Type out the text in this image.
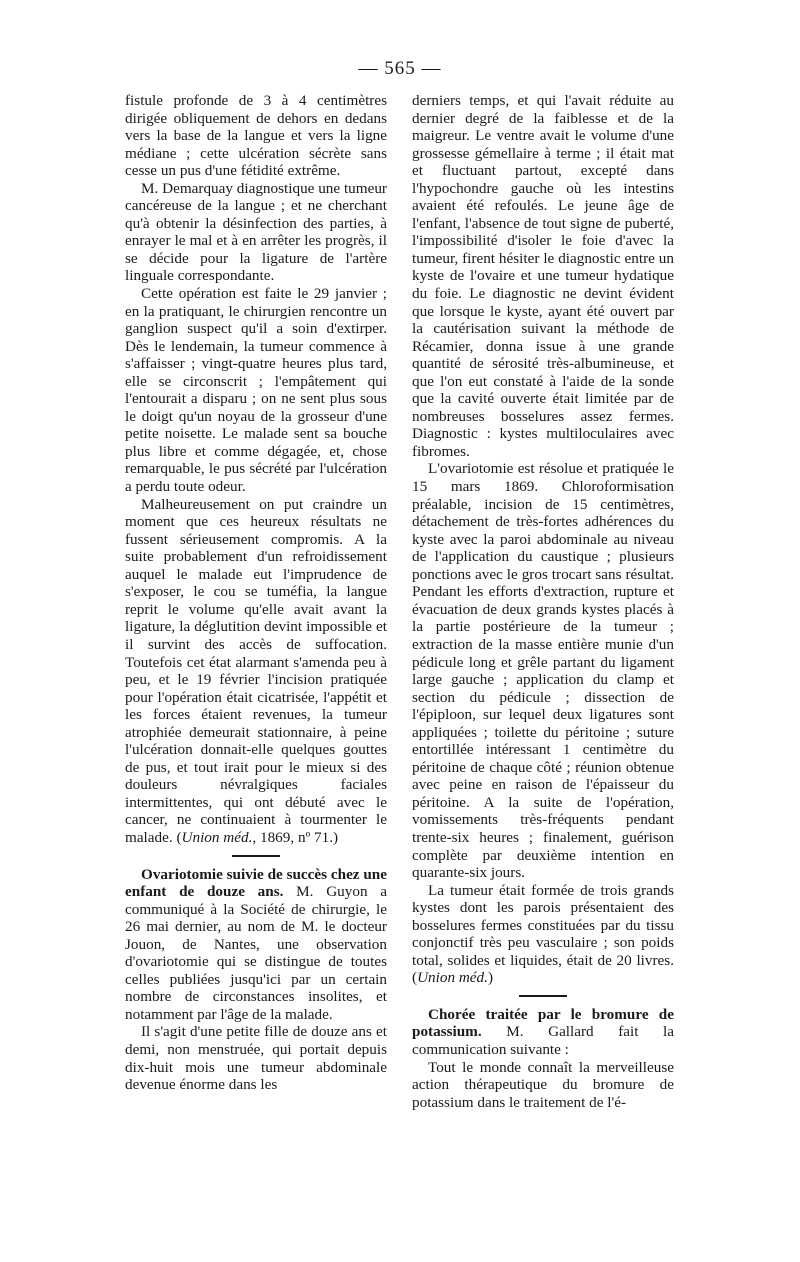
— 565 —

fistule profonde de 3 à 4 centimètres dirigée obliquement de dehors en dedans vers la base de la langue et vers la ligne médiane ; cette ulcération sécrète sans cesse un pus d'une fétidité extrême.

M. Demarquay diagnostique une tumeur cancéreuse de la langue ; et ne cherchant qu'à obtenir la désinfection des parties, à enrayer le mal et à en arrêter les progrès, il se décide pour la ligature de l'artère linguale correspondante.

Cette opération est faite le 29 janvier ; en la pratiquant, le chirurgien rencontre un ganglion suspect qu'il a soin d'extirper. Dès le lendemain, la tumeur commence à s'affaisser ; vingt-quatre heures plus tard, elle se circonscrit ; l'empâtement qui l'entourait a disparu ; on ne sent plus sous le doigt qu'un noyau de la grosseur d'une petite noisette. Le malade sent sa bouche plus libre et comme dégagée, et, chose remarquable, le pus sécrété par l'ulcération a perdu toute odeur.

Malheureusement on put craindre un moment que ces heureux résultats ne fussent sérieusement compromis. A la suite probablement d'un refroidissement auquel le malade eut l'imprudence de s'exposer, le cou se tuméfia, la langue reprit le volume qu'elle avait avant la ligature, la déglutition devint impossible et il survint des accès de suffocation. Toutefois cet état alarmant s'amenda peu à peu, et le 19 février l'incision pratiquée pour l'opération était cicatrisée, l'appétit et les forces étaient revenues, la tumeur atrophiée demeurait stationnaire, à peine l'ulcération donnait-elle quelques gouttes de pus, et tout irait pour le mieux si des douleurs névralgiques faciales intermittentes, qui ont débuté avec le cancer, ne continuaient à tourmenter le malade. (Union méd., 1869, nº 71.)

Ovariotomie suivie de succès chez une enfant de douze ans. M. Guyon a communiqué à la Société de chirurgie, le 26 mai dernier, au nom de M. le docteur Jouon, de Nantes, une observation d'ovariotomie qui se distingue de toutes celles publiées jusqu'ici par un certain nombre de circonstances insolites, et notamment par l'âge de la malade.

Il s'agit d'une petite fille de douze ans et demi, non menstruée, qui portait depuis dix-huit mois une tumeur abdominale devenue énorme dans les

derniers temps, et qui l'avait réduite au dernier degré de la faiblesse et de la maigreur. Le ventre avait le volume d'une grossesse gémellaire à terme ; il était mat et fluctuant partout, excepté dans l'hypochondre gauche où les intestins avaient été refoulés. Le jeune âge de l'enfant, l'absence de tout signe de puberté, l'impossibilité d'isoler le foie d'avec la tumeur, firent hésiter le diagnostic entre un kyste de l'ovaire et une tumeur hydatique du foie. Le diagnostic ne devint évident que lorsque le kyste, ayant été ouvert par la cautérisation suivant la méthode de Récamier, donna issue à une grande quantité de sérosité très-albumineuse, et que l'on eut constaté à l'aide de la sonde que la cavité ouverte était limitée par de nombreuses bosselures assez fermes. Diagnostic : kystes multiloculaires avec fibromes.

L'ovariotomie est résolue et pratiquée le 15 mars 1869. Chloroformisation préalable, incision de 15 centimètres, détachement de très-fortes adhérences du kyste avec la paroi abdominale au niveau de l'application du caustique ; plusieurs ponctions avec le gros trocart sans résultat. Pendant les efforts d'extraction, rupture et évacuation de deux grands kystes placés à la partie postérieure de la tumeur ; extraction de la masse entière munie d'un pédicule long et grêle partant du ligament large gauche ; application du clamp et section du pédicule ; dissection de l'épiploon, sur lequel deux ligatures sont appliquées ; toilette du péritoine ; suture entortillée intéressant 1 centimètre du péritoine de chaque côté ; réunion obtenue avec peine en raison de l'épaisseur du péritoine. A la suite de l'opération, vomissements très-fréquents pendant trente-six heures ; finalement, guérison complète par deuxième intention en quarante-six jours.

La tumeur était formée de trois grands kystes dont les parois présentaient des bosselures fermes constituées par du tissu conjonctif très peu vasculaire ; son poids total, solides et liquides, était de 20 livres. (Union méd.)

Chorée traitée par le bromure de potassium. M. Gallard fait la communication suivante :

Tout le monde connaît la merveilleuse action thérapeutique du bromure de potassium dans le traitement de l'é-
